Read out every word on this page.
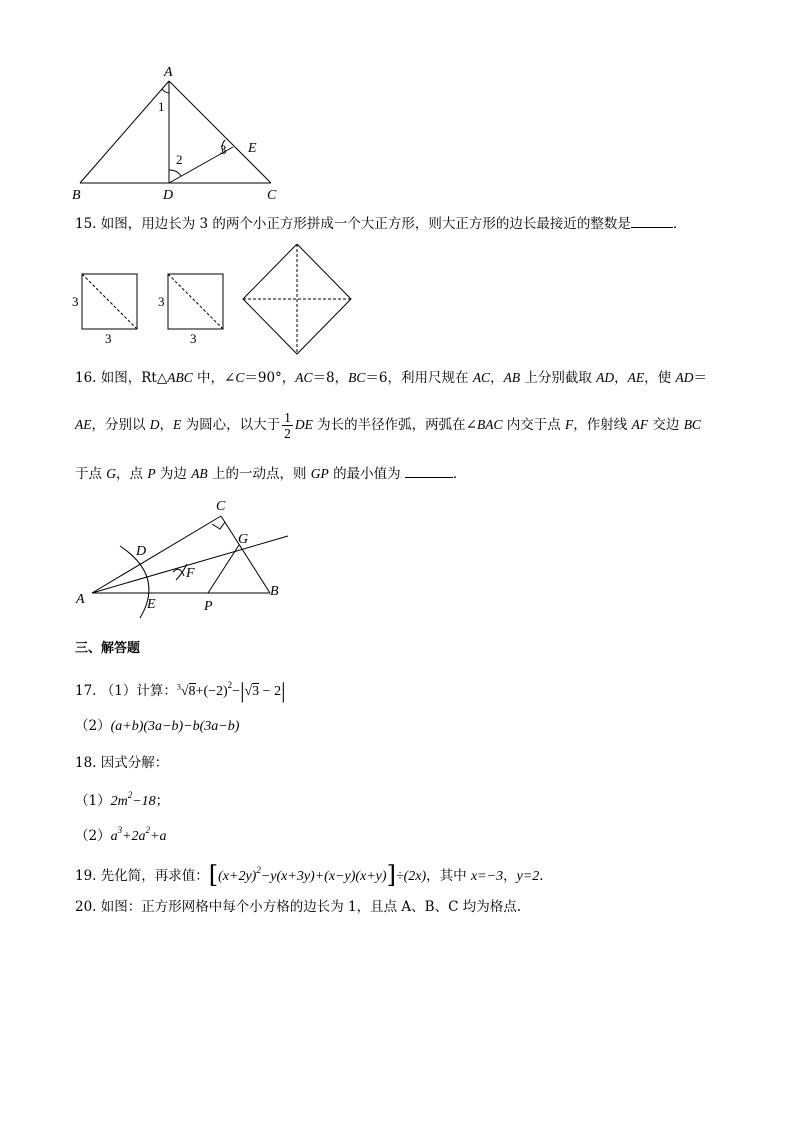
A
B	D	C
E
1
2
3
15. 如图，用边长为 3 的两个小正方形拼成一个大正方形，则大正方形的边长最接近的整数是	．
3
3
3
3
16. 如图，Rt△ABC 中，∠C＝90°，AC＝8，BC＝6，利用尺规在 AC，AB 上分别截取 AD，AE，使 AD＝
AE，分别以 D，E 为圆心，以大于 $\frac{1}{2}$ DE 为长的半径作弧，两弧在∠BAC 内交于点 F，作射线 AF 交边 BC
于点 G，点 P 为边 AB 上的一动点，则 GP 的最小值为	．
C
D
G
F
A	E	P
B
三、解答题
17. （1）计算：$^3√8+(-2)^2-|√3 - 2|$
（2）(a+b)(3a−b)−b(3a−b)
18. 因式分解：
$(1)2m^2-18$；
$(2)a^3+2a^2+a$
19. 先化简，再求值：$[(x+2y)^2-y(x+3y)+(x-y)(x+y)]\div(2x)$，其中 x=−3，y=2．
20. 如图：正方形网格中每个小方格的边长为 1，且点 A、B、C 均为格点.
